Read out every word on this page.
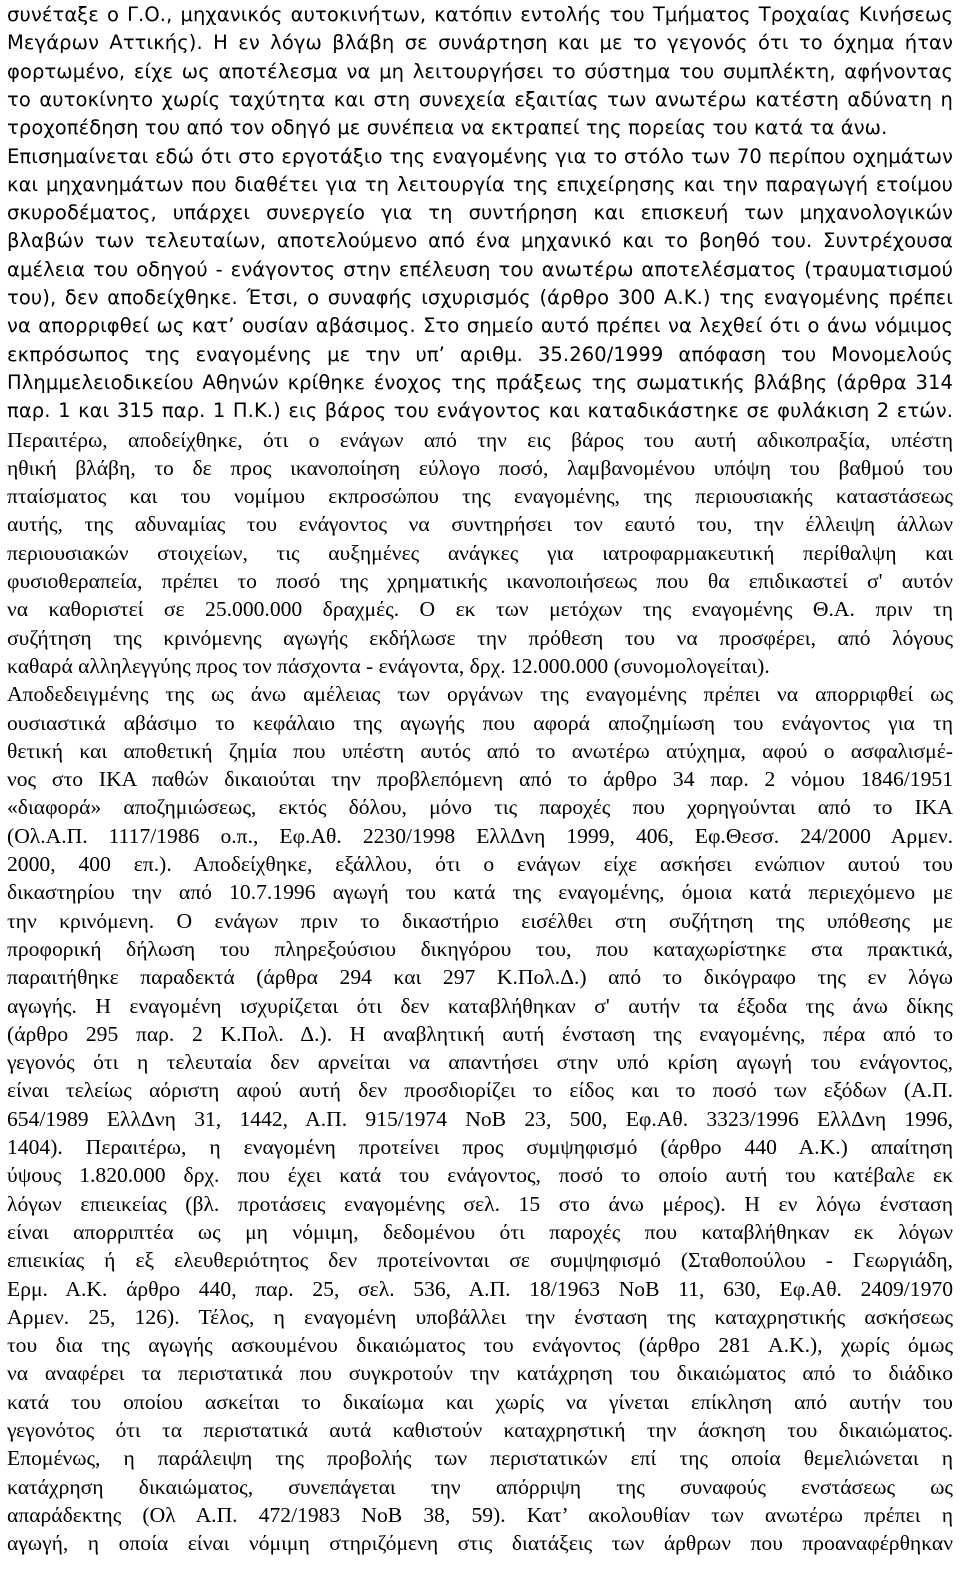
συνέταξε ο Γ.Ο., μηχανικός αυτοκινήτων, κατόπιν εντολής του Τμήματος Τροχαίας Κινήσεως
Μεγάρων Αττικής). Η εν λόγω βλάβη σε συνάρτηση και με το γεγονός ότι το όχημα ήταν
φορτωμένο, είχε ως αποτέλεσμα να μη λειτουργήσει το σύστημα του συμπλέκτη, αφήνοντας
το αυτοκίνητο χωρίς ταχύτητα και στη συνεχεία εξαιτίας των ανωτέρω κατέστη αδύνατη η
τροχοπέδηση του από τον οδηγό με συνέπεια να εκτραπεί της πορείας του κατά τα άνω.
Επισημαίνεται εδώ ότι στο εργοτάξιο της εναγομένης για το στόλο των 70 περίπου οχημάτων
και μηχανημάτων που διαθέτει για τη λειτουργία της επιχείρησης και την παραγωγή ετοίμου
σκυροδέματος, υπάρχει συνεργείο για τη συντήρηση και επισκευή των μηχανολογικών
βλαβών των τελευταίων, αποτελούμενο από ένα μηχανικό και το βοηθό του. Συντρέχουσα
αμέλεια του οδηγού - ενάγοντος στην επέλευση του ανωτέρω αποτελέσματος (τραυματισμού
του), δεν αποδείχθηκε. Έτσι, ο συναφής ισχυρισμός (άρθρο 300 Α.Κ.) της εναγομένης πρέπει
να απορριφθεί ως κατ’ ουσίαν αβάσιμος. Στο σημείο αυτό πρέπει να λεχθεί ότι ο άνω νόμιμος
εκπρόσωπος της εναγομένης με την υπ’ αριθμ. 35.260/1999 απόφαση του Μονομελούς
Πλημμελειοδικείου Αθηνών κρίθηκε ένοχος της πράξεως της σωματικής βλάβης (άρθρα 314
παρ. 1 και 315 παρ. 1 Π.Κ.) εις βάρος του ενάγοντος και καταδικάστηκε σε φυλάκιση 2 ετών.
Περαιτέρω, αποδείχθηκε, ότι ο ενάγων από την εις βάρος του αυτή αδικοπραξία, υπέστη
ηθική βλάβη, το δε προς ικανοποίηση εύλογο ποσό, λαμβανομένου υπόψη του βαθμού του
πταίσματος και του νομίμου εκπροσώπου της εναγομένης, της περιουσιακής καταστάσεως
αυτής, της αδυναμίας του ενάγοντος να συντηρήσει τον εαυτό του, την έλλειψη άλλων
περιουσιακών στοιχείων, τις αυξημένες ανάγκες για ιατροφαρμακευτική περίθαλψη και
φυσιοθεραπεία, πρέπει το ποσό της χρηματικής ικανοποιήσεως που θα επιδικαστεί σ' αυτόν
να καθοριστεί σε 25.000.000 δραχμές. Ο εκ των μετόχων της εναγομένης Θ.Α. πριν τη
συζήτηση της κρινόμενης αγωγής εκδήλωσε την πρόθεση του να προσφέρει, από λόγους
καθαρά αλληλεγγύης προς τον πάσχοντα - ενάγοντα, δρχ. 12.000.000 (συνομολογείται).
Αποδεδειγμένης της ως άνω αμέλειας των οργάνων της εναγομένης πρέπει να απορριφθεί ως
ουσιαστικά αβάσιμο το κεφάλαιο της αγωγής που αφορά αποζημίωση του ενάγοντος για τη
θετική και αποθετική ζημία που υπέστη αυτός από το ανωτέρω ατύχημα, αφού ο ασφαλισμέ-
νος στο ΙΚΑ παθών δικαιούται την προβλεπόμενη από το άρθρο 34 παρ. 2 νόμου 1846/1951
«διαφορά» αποζημιώσεως, εκτός δόλου, μόνο τις παροχές που χορηγούνται από το ΙΚΑ
(Ολ.Α.Π. 1117/1986 ο.π., Εφ.Αθ. 2230/1998 ΕλλΔνη 1999, 406, Εφ.Θεσσ. 24/2000 Αρμεν.
2000, 400 επ.). Αποδείχθηκε, εξάλλου, ότι ο ενάγων είχε ασκήσει ενώπιον αυτού του
δικαστηρίου την από 10.7.1996 αγωγή του κατά της εναγομένης, όμοια κατά περιεχόμενο με
την κρινόμενη. Ο ενάγων πριν το δικαστήριο εισέλθει στη συζήτηση της υπόθεσης με
προφορική δήλωση του πληρεξούσιου δικηγόρου του, που καταχωρίστηκε στα πρακτικά,
παραιτήθηκε παραδεκτά (άρθρα 294 και 297 Κ.Πολ.Δ.) από το δικόγραφο της εν λόγω
αγωγής. Η εναγομένη ισχυρίζεται ότι δεν καταβλήθηκαν σ' αυτήν τα έξοδα της άνω δίκης
(άρθρο 295 παρ. 2 Κ.Πολ. Δ.). Η αναβλητική αυτή ένσταση της εναγομένης, πέρα από το
γεγονός ότι η τελευταία δεν αρνείται να απαντήσει στην υπό κρίση αγωγή του ενάγοντος,
είναι τελείως αόριστη αφού αυτή δεν προσδιορίζει το είδος και το ποσό των εξόδων (Α.Π.
654/1989 ΕλλΔνη 31, 1442, Α.Π. 915/1974 ΝοΒ 23, 500, Εφ.Αθ. 3323/1996 ΕλλΔνη 1996,
1404). Περαιτέρω, η εναγομένη προτείνει προς συμψηφισμό (άρθρο 440 Α.Κ.) απαίτηση
ύψους 1.820.000 δρχ. που έχει κατά του ενάγοντος, ποσό το οποίο αυτή του κατέβαλε εκ
λόγων επιεικείας (βλ. προτάσεις εναγομένης σελ. 15 στο άνω μέρος). Η εν λόγω ένσταση
είναι απορριπτέα ως μη νόμιμη, δεδομένου ότι παροχές που καταβλήθηκαν εκ λόγων
επιεικίας ή εξ ελευθεριότητος δεν προτείνονται σε συμψηφισμό (Σταθοπούλου - Γεωργιάδη,
Ερμ. Α.Κ. άρθρο 440, παρ. 25, σελ. 536, Α.Π. 18/1963 ΝοΒ 11, 630, Εφ.Αθ. 2409/1970
Αρμεν. 25, 126). Τέλος, η εναγομένη υποβάλλει την ένσταση της καταχρηστικής ασκήσεως
του δια της αγωγής ασκουμένου δικαιώματος του ενάγοντος (άρθρο 281 Α.Κ.), χωρίς όμως
να αναφέρει τα περιστατικά που συγκροτούν την κατάχρηση του δικαιώματος από το διάδικο
κατά του οποίου ασκείται το δικαίωμα και χωρίς να γίνεται επίκληση από αυτήν του
γεγονότος ότι τα περιστατικά αυτά καθιστούν καταχρηστική την άσκηση του δικαιώματος.
Επομένως, η παράλειψη της προβολής των περιστατικών επί της οποία θεμελιώνεται η
κατάχρηση δικαιώματος, συνεπάγεται την απόρριψη της συναφούς ενστάσεως ως
απαράδεκτης (Ολ Α.Π. 472/1983 ΝοΒ 38, 59). Κατ’ ακολουθίαν των ανωτέρω πρέπει η
αγωγή, η οποία είναι νόμιμη στηριζόμενη στις διατάξεις των άρθρων που προαναφέρθηκαν
